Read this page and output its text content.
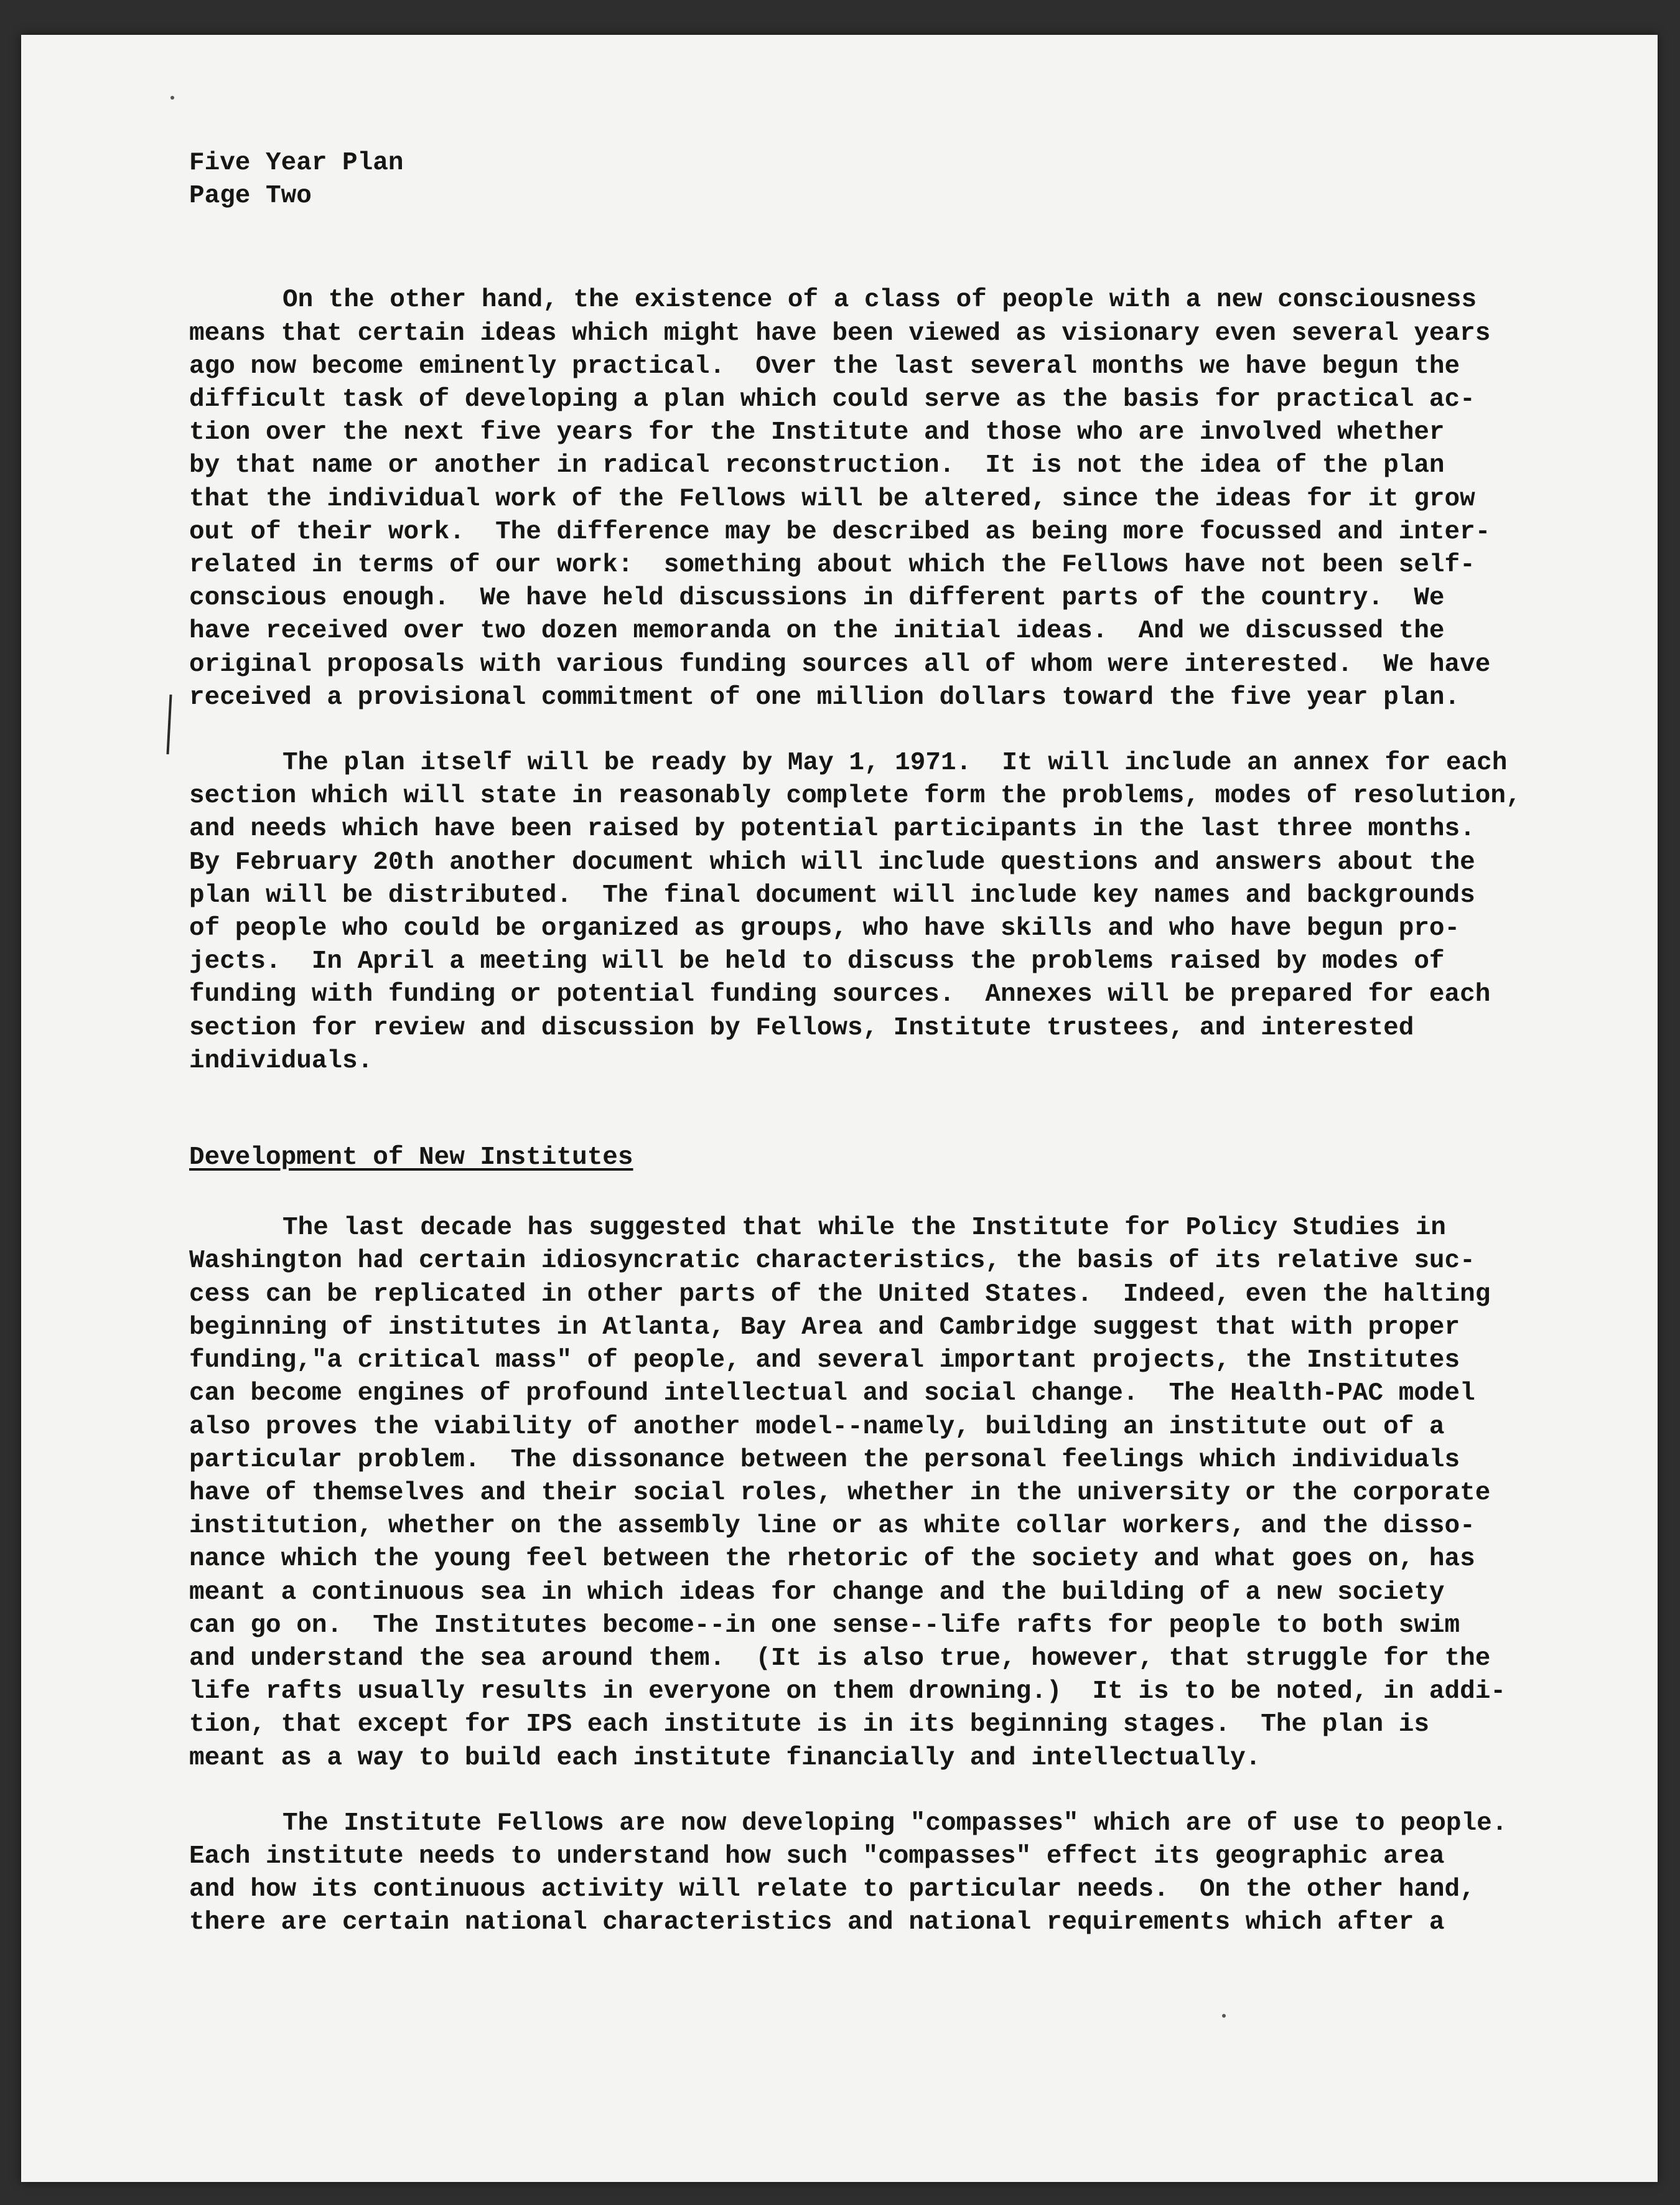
Five Year Plan
Page Two
On the other hand, the existence of a class of people with a new consciousness
means that certain ideas which might have been viewed as visionary even several years
ago now become eminently practical.  Over the last several months we have begun the
difficult task of developing a plan which could serve as the basis for practical ac-
tion over the next five years for the Institute and those who are involved whether
by that name or another in radical reconstruction.  It is not the idea of the plan
that the individual work of the Fellows will be altered, since the ideas for it grow
out of their work.  The difference may be described as being more focussed and inter-
related in terms of our work:  something about which the Fellows have not been self-
conscious enough.  We have held discussions in different parts of the country.  We
have received over two dozen memoranda on the initial ideas.  And we discussed the
original proposals with various funding sources all of whom were interested.  We have
received a provisional commitment of one million dollars toward the five year plan.
The plan itself will be ready by May 1, 1971.  It will include an annex for each
section which will state in reasonably complete form the problems, modes of resolution,
and needs which have been raised by potential participants in the last three months.
By February 20th another document which will include questions and answers about the
plan will be distributed.  The final document will include key names and backgrounds
of people who could be organized as groups, who have skills and who have begun pro-
jects.  In April a meeting will be held to discuss the problems raised by modes of
funding with funding or potential funding sources.  Annexes will be prepared for each
section for review and discussion by Fellows, Institute trustees, and interested
individuals.
Development of New Institutes
The last decade has suggested that while the Institute for Policy Studies in
Washington had certain idiosyncratic characteristics, the basis of its relative suc-
cess can be replicated in other parts of the United States.  Indeed, even the halting
beginning of institutes in Atlanta, Bay Area and Cambridge suggest that with proper
funding,"a critical mass" of people, and several important projects, the Institutes
can become engines of profound intellectual and social change.  The Health-PAC model
also proves the viability of another model--namely, building an institute out of a
particular problem.  The dissonance between the personal feelings which individuals
have of themselves and their social roles, whether in the university or the corporate
institution, whether on the assembly line or as white collar workers, and the disso-
nance which the young feel between the rhetoric of the society and what goes on, has
meant a continuous sea in which ideas for change and the building of a new society
can go on.  The Institutes become--in one sense--life rafts for people to both swim
and understand the sea around them.  (It is also true, however, that struggle for the
life rafts usually results in everyone on them drowning.)  It is to be noted, in addi-
tion, that except for IPS each institute is in its beginning stages.  The plan is
meant as a way to build each institute financially and intellectually.
The Institute Fellows are now developing "compasses" which are of use to people.
Each institute needs to understand how such "compasses" effect its geographic area
and how its continuous activity will relate to particular needs.  On the other hand,
there are certain national characteristics and national requirements which after a
